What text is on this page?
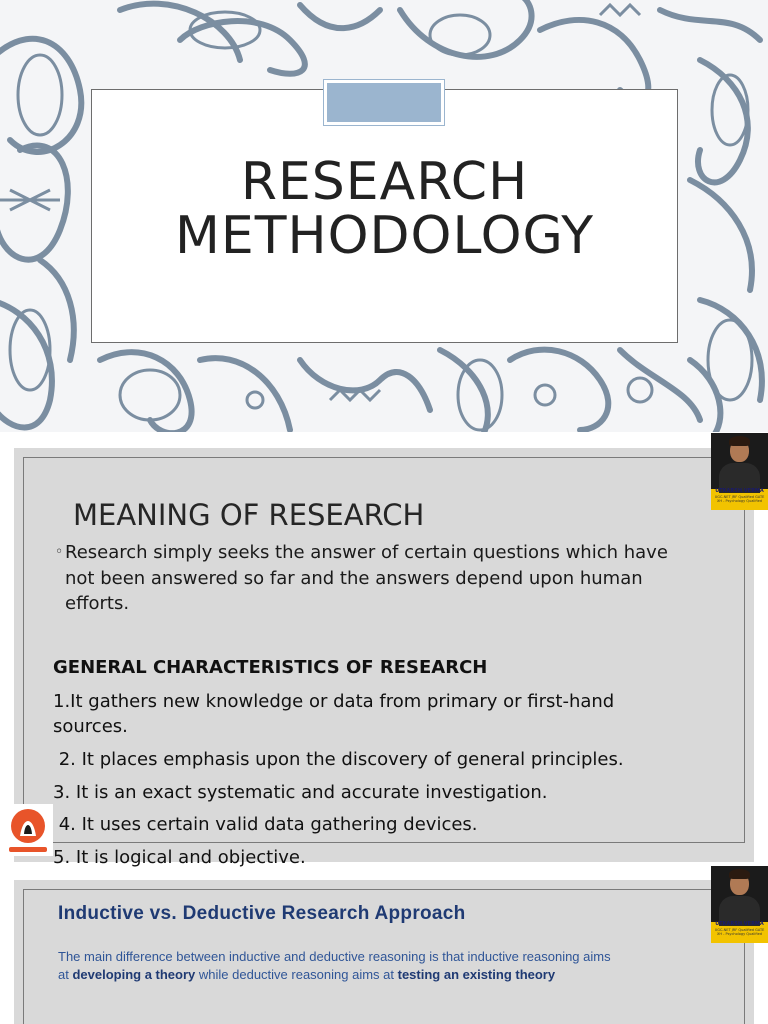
RESEARCH
METHODOLOGY
MEANING OF RESEARCH
◦ Research simply seeks the answer of certain questions which have not been answered so far and the answers depend upon human efforts.
GENERAL CHARACTERISTICS OF RESEARCH
1.It gathers new knowledge or data from primary or first-hand
sources.
2. It places emphasis upon the discovery of general principles.
3. It is an exact systematic and accurate investigation.
4. It uses certain valid data gathering devices.
5. It is logical and objective.
UTKARSH VERMA
UGC-NET JRF Qualified GATE XH - Psychology Qualified
Inductive vs. Deductive Research Approach
The main difference between inductive and deductive reasoning is that inductive reasoning aims at developing a theory while deductive reasoning aims at testing an existing theory
UTKARSH VERMA
UGC-NET JRF Qualified GATE XH - Psychology Qualified
